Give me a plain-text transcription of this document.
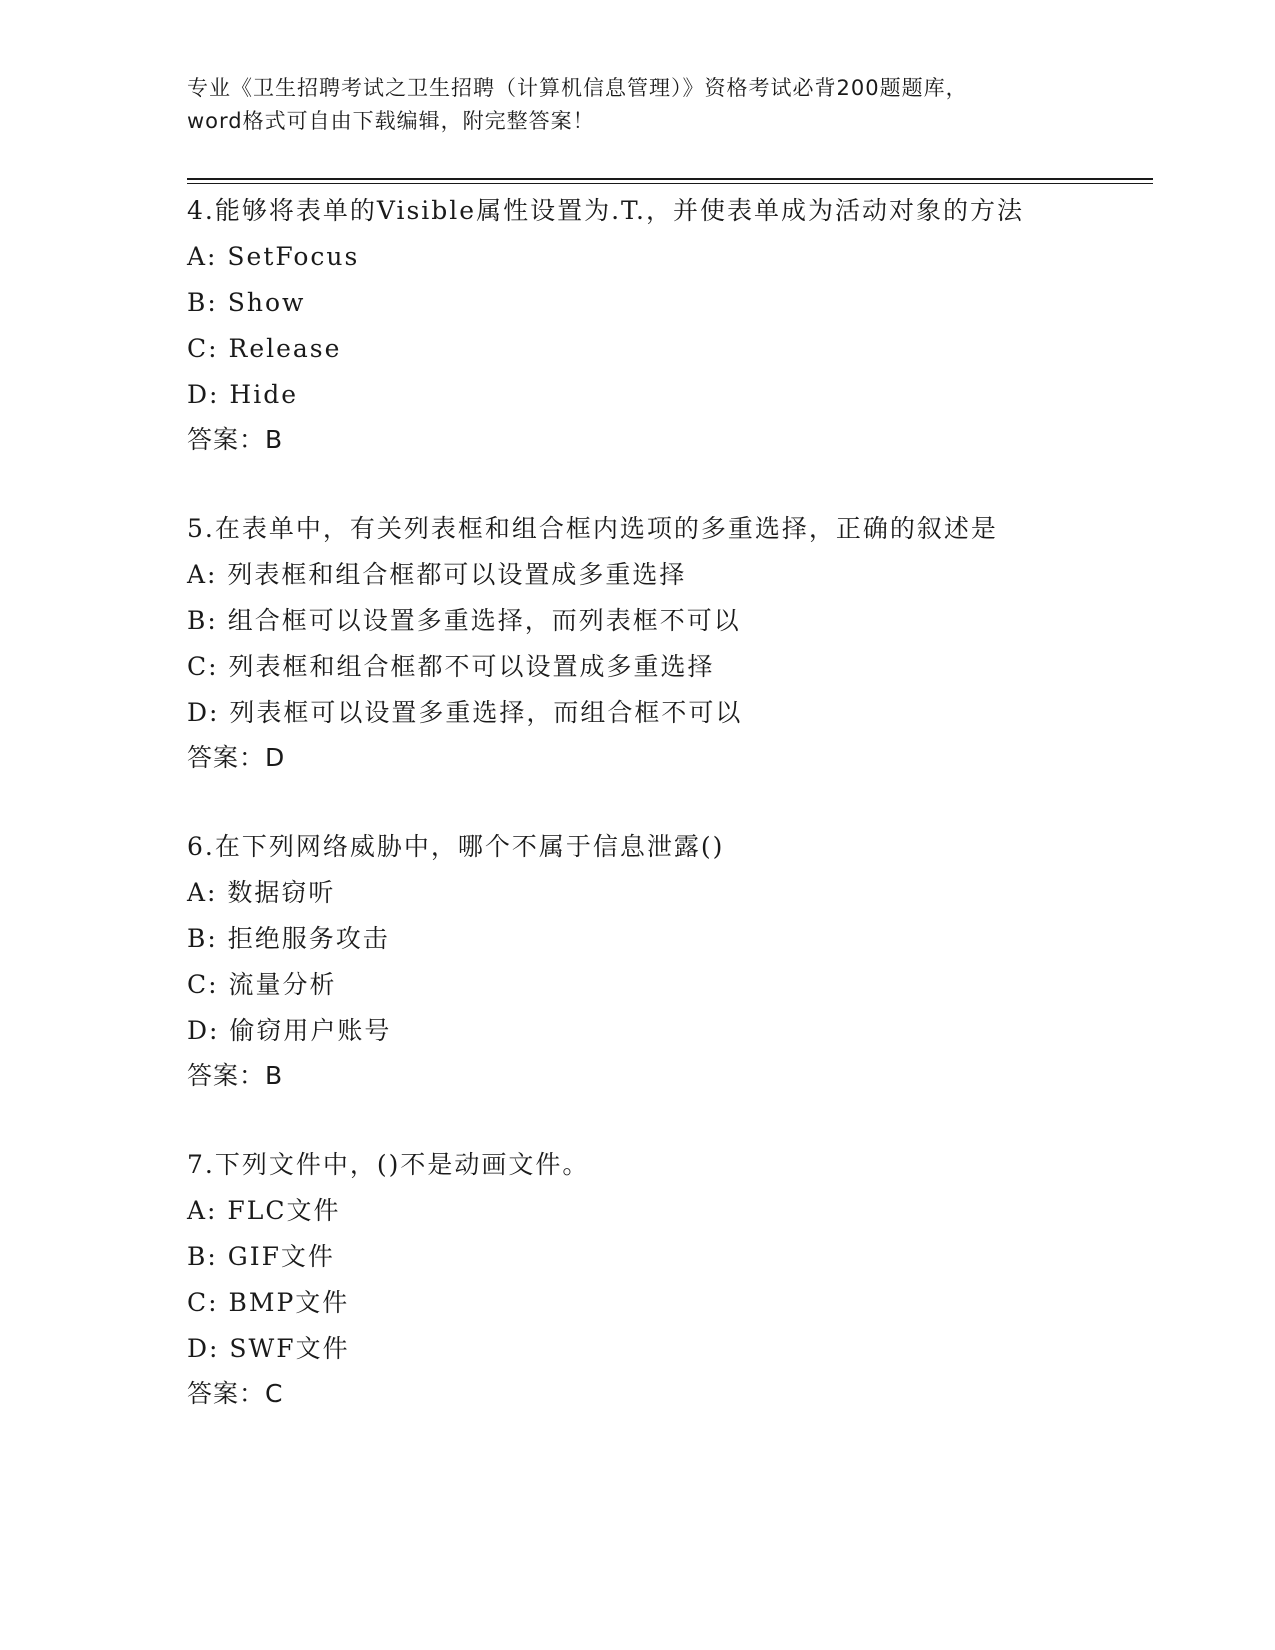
专业《卫生招聘考试之卫生招聘（计算机信息管理）》资格考试必背200题题库，
word格式可自由下载编辑，附完整答案！
4.能够将表单的Visible属性设置为.T.，并使表单成为活动对象的方法
A: SetFocus
B: Show
C: Release
D: Hide
答案：B
5.在表单中，有关列表框和组合框内选项的多重选择，正确的叙述是
A: 列表框和组合框都可以设置成多重选择
B: 组合框可以设置多重选择，而列表框不可以
C: 列表框和组合框都不可以设置成多重选择
D: 列表框可以设置多重选择，而组合框不可以
答案：D
6.在下列网络威胁中，哪个不属于信息泄露()
A: 数据窃听
B: 拒绝服务攻击
C: 流量分析
D: 偷窃用户账号
答案：B
7.下列文件中，()不是动画文件。
A: FLC文件
B: GIF文件
C: BMP文件
D: SWF文件
答案：C
